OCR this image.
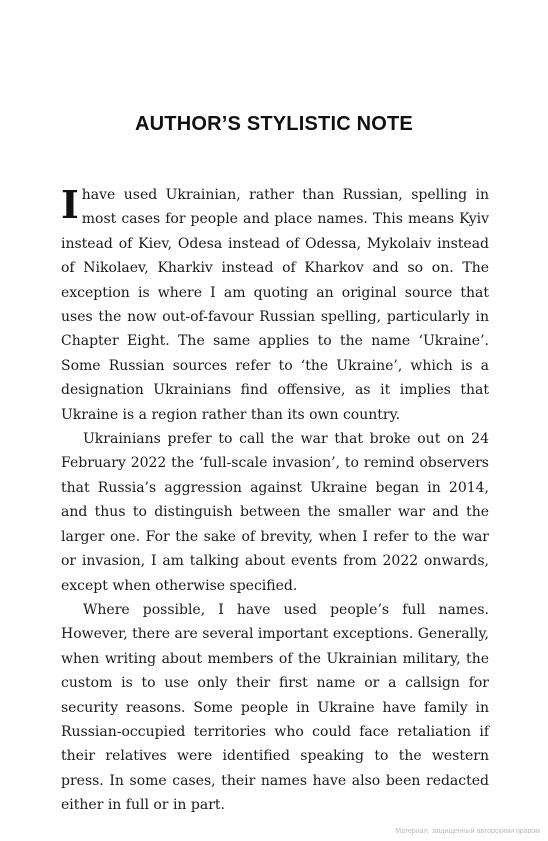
AUTHOR’S STYLISTIC NOTE

Ihave used Ukrainian, rather than Russian, spelling in most cases for people and place names. This means Kyiv instead of Kiev, Odesa instead of Odessa, Mykolaiv instead of Nikolaev, Kharkiv instead of Kharkov and so on. The exception is where I am quoting an original source that uses the now out-of-favour Russian spelling, particularly in Chapter Eight. The same applies to the name ‘Ukraine’. Some Russian sources refer to ‘the Ukraine’, which is a designation Ukrainians find offensive, as it implies that Ukraine is a region rather than its own country.

Ukrainians prefer to call the war that broke out on 24 February 2022 the ‘full-scale invasion’, to remind observers that Russia’s aggression against Ukraine began in 2014, and thus to distinguish between the smaller war and the larger one. For the sake of brevity, when I refer to the war or invasion, I am talking about events from 2022 onwards, except when otherwise specified.

Where possible, I have used people’s full names. However, there are several important exceptions. Generally, when writing about members of the Ukrainian military, the custom is to use only their first name or a callsign for security reasons. Some people in Ukraine have family in Russian-occupied territories who could face retaliation if their relatives were identified speaking to the western press. In some cases, their names have also been redacted either in full or in part.

Материал, защищенный авторскими правом
